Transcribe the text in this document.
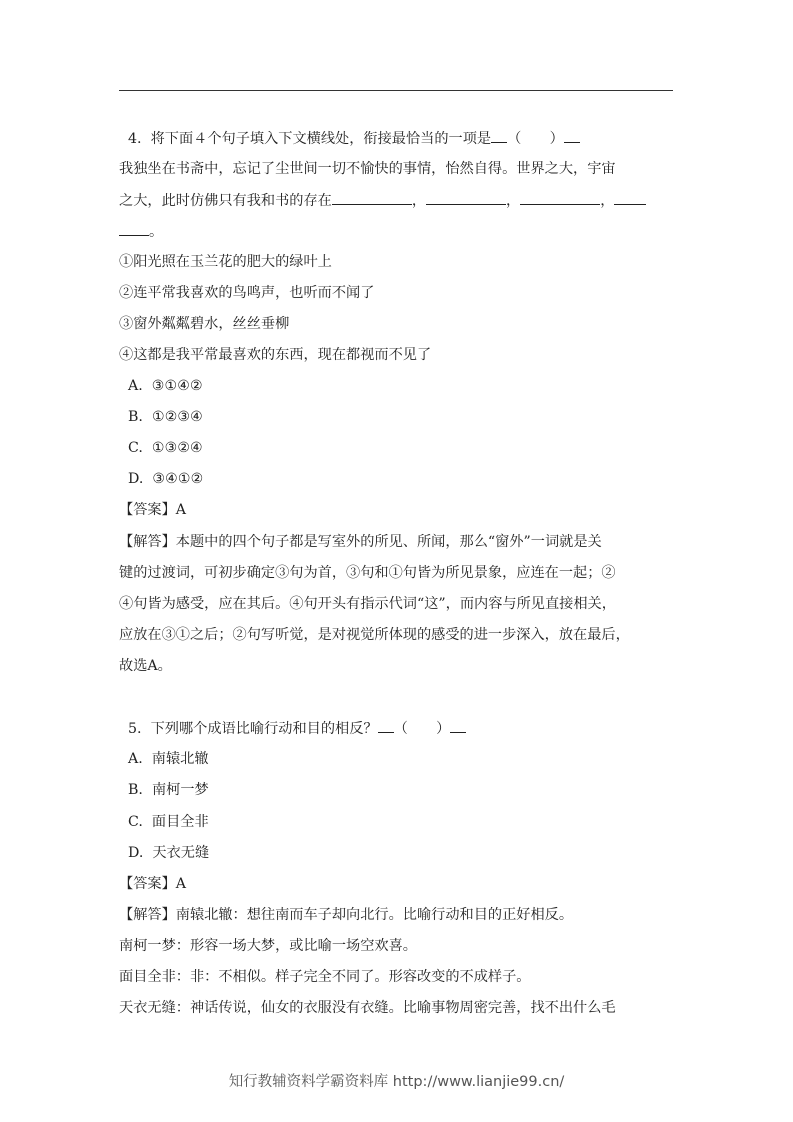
4. 将下面４个句子填入下文横线处，衔接最恰当的一项是 （　　）
我独坐在书斋中，忘记了尘世间一切不愉快的事情，怡然自得。世界之大，宇宙
之大，此时仿佛只有我和书的存在	，	，	，
。
①阳光照在玉兰花的肥大的绿叶上
②连平常我喜欢的鸟鸣声，也听而不闻了
③窗外粼粼碧水，丝丝垂柳
④这都是我平常最喜欢的东西，现在都视而不见了
A. ③①④②
B. ①②③④
C. ①③②④
D. ③④①②
【答案】A
【解答】本题中的四个句子都是写室外的所见、所闻，那么“窗外”一词就是关
键的过渡词，可初步确定③句为首，③句和①句皆为所见景象，应连在一起；②
④句皆为感受，应在其后。④句开头有指示代词“这”，而内容与所见直接相关，
应放在③①之后；②句写听觉，是对视觉所体现的感受的进一步深入，放在最后，
故选A。
5. 下列哪个成语比喻行动和目的相反？ （　　）
A. 南辕北辙
B. 南柯一梦
C. 面目全非
D. 天衣无缝
【答案】A
【解答】南辕北辙：想往南而车子却向北行。比喻行动和目的正好相反。
南柯一梦：形容一场大梦，或比喻一场空欢喜。
面目全非：非：不相似。样子完全不同了。形容改变的不成样子。
天衣无缝：神话传说，仙女的衣服没有衣缝。比喻事物周密完善，找不出什么毛
知行教辅资料学霸资料库 http://www.lianjie99.cn/
